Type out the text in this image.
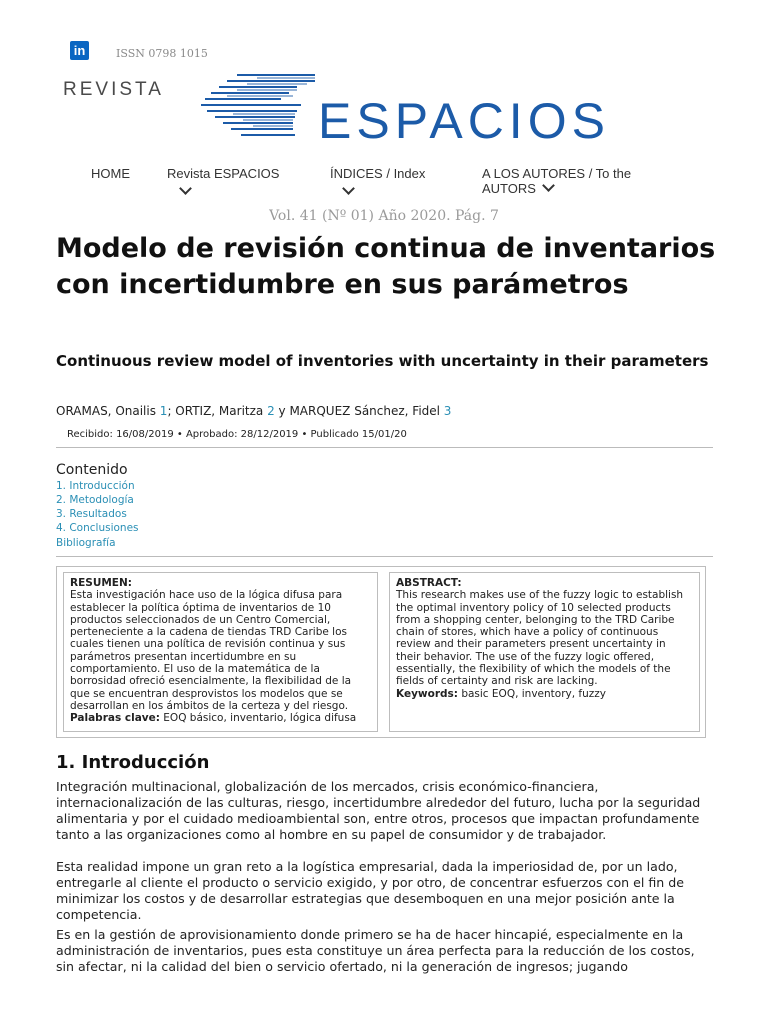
in	ISSN 0798 1015
REVISTA
ESPACIOS
HOME	Revista ESPACIOS	ÍNDICES / Index	A LOS AUTORES / To the
AUTORS
Vol. 41 (Nº 01) Año 2020. Pág. 7
Modelo de revisión continua de inventarios con incertidumbre en sus parámetros
Continuous review model of inventories with uncertainty in their parameters
ORAMAS, Onailis 1; ORTIZ, Maritza 2 y MARQUEZ Sánchez, Fidel 3
Recibido: 16/08/2019 • Aprobado: 28/12/2019 • Publicado 15/01/20
Contenido
1. Introducción
2. Metodología
3. Resultados
4. Conclusiones
Bibliografía
RESUMEN:
Esta investigación hace uso de la lógica difusa para establecer la política óptima de inventarios de 10 productos seleccionados de un Centro Comercial, perteneciente a la cadena de tiendas TRD Caribe los cuales tienen una política de revisión continua y sus parámetros presentan incertidumbre en su comportamiento. El uso de la matemática de la borrosidad ofreció esencialmente, la flexibilidad de la que se encuentran desprovistos los modelos que se desarrollan en los ámbitos de la certeza y del riesgo.
Palabras clave: EOQ básico, inventario, lógica difusa
ABSTRACT:
This research makes use of the fuzzy logic to establish the optimal inventory policy of 10 selected products from a shopping center, belonging to the TRD Caribe chain of stores, which have a policy of continuous review and their parameters present uncertainty in their behavior. The use of the fuzzy logic offered, essentially, the flexibility of which the models of the fields of certainty and risk are lacking.
Keywords: basic EOQ, inventory, fuzzy
1. Introducción
Integración multinacional, globalización de los mercados, crisis económico-financiera, internacionalización de las culturas, riesgo, incertidumbre alrededor del futuro, lucha por la seguridad alimentaria y por el cuidado medioambiental son, entre otros, procesos que impactan profundamente tanto a las organizaciones como al hombre en su papel de consumidor y de trabajador.
Esta realidad impone un gran reto a la logística empresarial, dada la imperiosidad de, por un lado, entregarle al cliente el producto o servicio exigido, y por otro, de concentrar esfuerzos con el fin de minimizar los costos y de desarrollar estrategias que desemboquen en una mejor posición ante la competencia.
Es en la gestión de aprovisionamiento donde primero se ha de hacer hincapié, especialmente en la administración de inventarios, pues esta constituye un área perfecta para la reducción de los costos, sin afectar, ni la calidad del bien o servicio ofertado, ni la generación de ingresos; jugando
